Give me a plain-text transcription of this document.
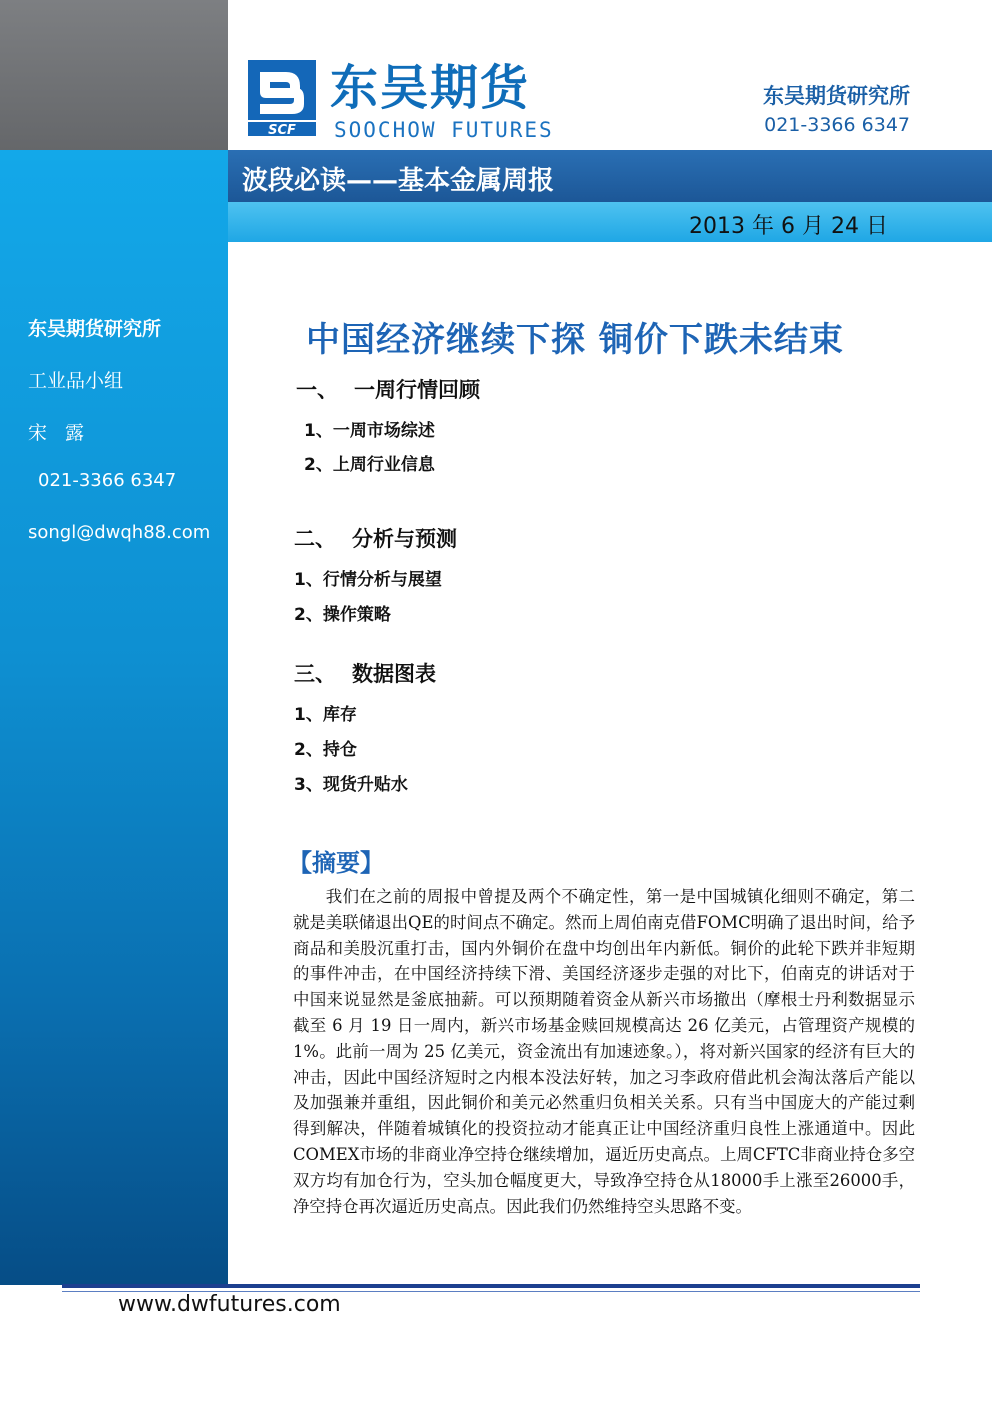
SCF
东吴期货
SOOCHOW FUTURES
东吴期货研究所
021-3366 6347
波段必读——基本金属周报
2013 年 6 月 24 日
东吴期货研究所
工业品小组
宋 露
021-3366 6347
songl@dwqh88.com
中国经济继续下探 铜价下跌未结束
一、 一周行情回顾
1、一周市场综述
2、上周行业信息
二、 分析与预测
1、行情分析与展望
2、操作策略
三、 数据图表
1、库存
2、持仓
3、现货升贴水
【摘要】
我们在之前的周报中曾提及两个不确定性，第一是中国城镇化细则不确定，第二就是美联储退出QE的时间点不确定。然而上周伯南克借FOMC明确了退出时间，给予商品和美股沉重打击，国内外铜价在盘中均创出年内新低。铜价的此轮下跌并非短期的事件冲击，在中国经济持续下滑、美国经济逐步走强的对比下，伯南克的讲话对于中国来说显然是釜底抽薪。可以预期随着资金从新兴市场撤出（摩根士丹利数据显示截至 6 月 19 日一周内，新兴市场基金赎回规模高达 26 亿美元，占管理资产规模的 1%。此前一周为 25 亿美元，资金流出有加速迹象。），将对新兴国家的经济有巨大的冲击，因此中国经济短时之内根本没法好转，加之习李政府借此机会淘汰落后产能以及加强兼并重组，因此铜价和美元必然重归负相关关系。只有当中国庞大的产能过剩得到解决，伴随着城镇化的投资拉动才能真正让中国经济重归良性上涨通道中。因此COMEX市场的非商业净空持仓继续增加，逼近历史高点。上周CFTC非商业持仓多空双方均有加仓行为，空头加仓幅度更大，导致净空持仓从18000手上涨至26000手，净空持仓再次逼近历史高点。因此我们仍然维持空头思路不变。
www.dwfutures.com
